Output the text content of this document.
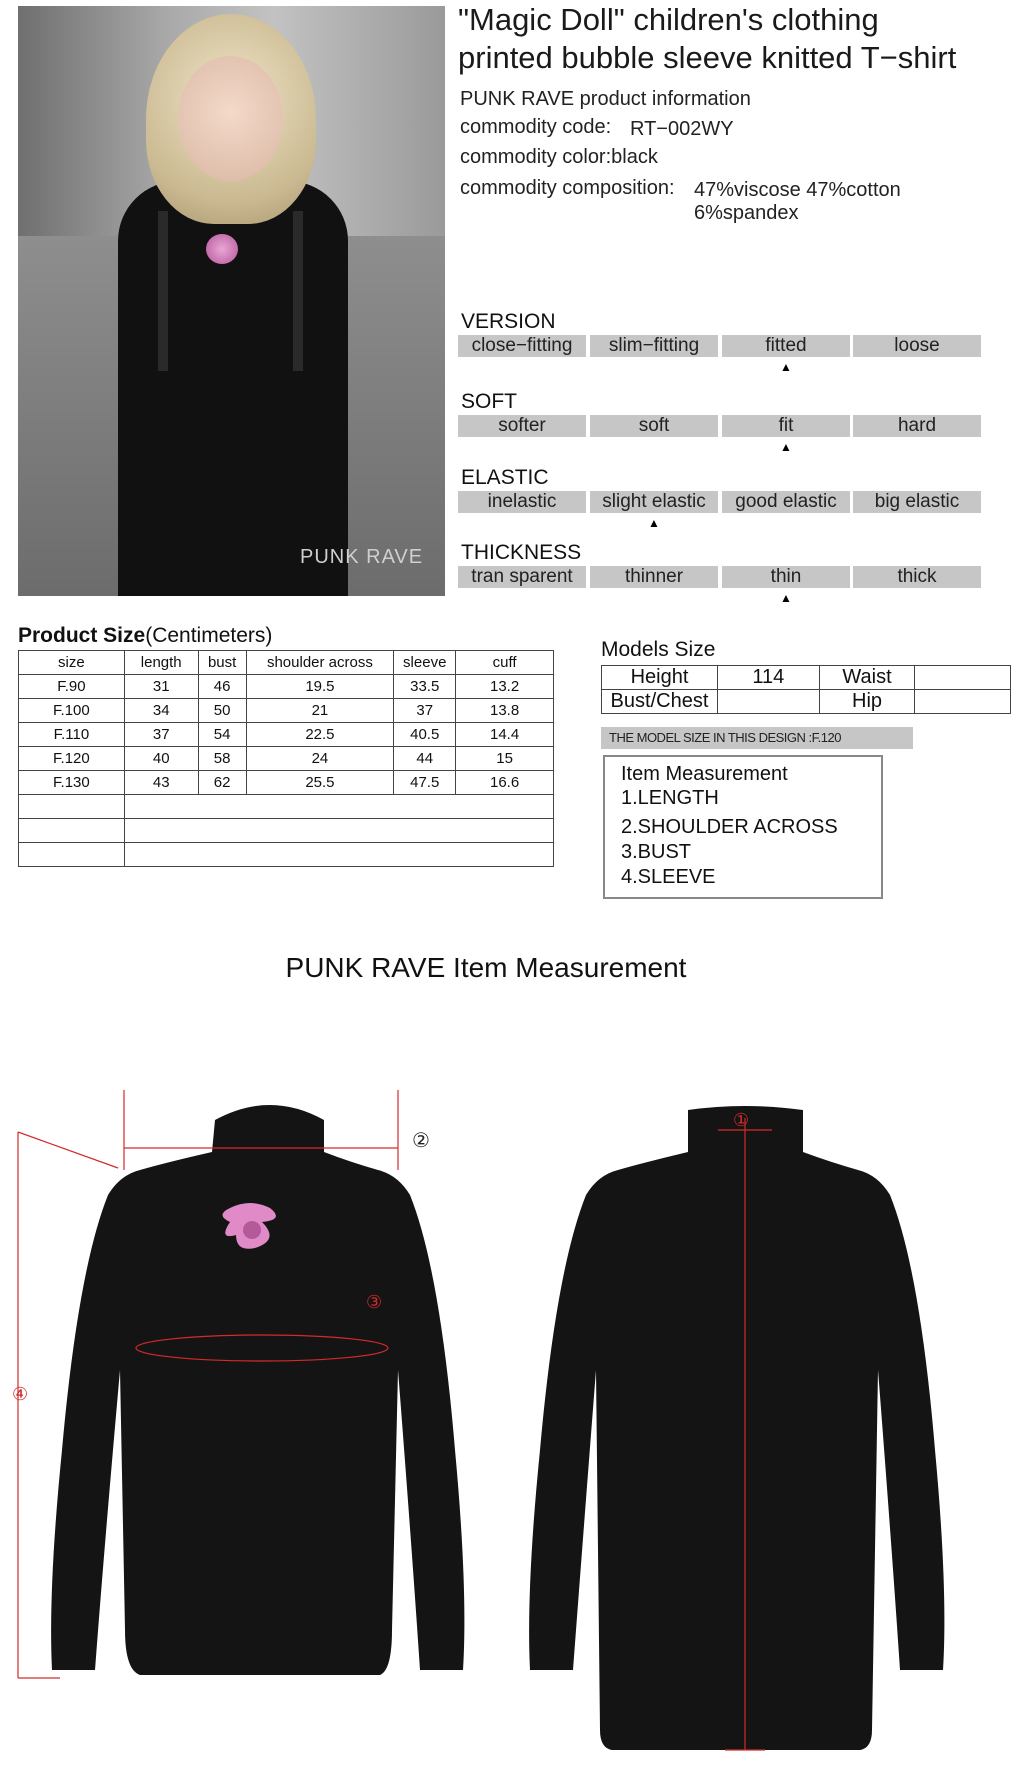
PUNK RAVE
"Magic Doll" children's clothing
printed bubble sleeve knitted T−shirt
PUNK RAVE product information
commodity code: RT−002WY
commodity color:black
commodity composition: 47%viscose 47%cotton
6%spandex
VERSION
close−fitting	slim−fitting	fitted	loose
▲
SOFT
softer	soft	fit	hard
▲
ELASTIC
inelastic	slight elastic	good elastic	big elastic
▲
THICKNESS
tran sparent	thinner	thin	thick
▲
Product Size(Centimeters)
size	length	bust	shoulder across	sleeve	cuff
F.90	31	46	19.5	33.5	13.2
F.100	34	50	21	37	13.8
F.110	37	54	22.5	40.5	14.4
F.120	40	58	24	44	15
F.130	43	62	25.5	47.5	16.6

Models Size
Height	114	Waist	
Bust/Chest		Hip	
THE MODEL SIZE IN THIS DESIGN :F.120
Item Measurement
1.LENGTH
2.SHOULDER ACROSS
3.BUST
4.SLEEVE
PUNK RAVE Item Measurement
②
③
④
①
